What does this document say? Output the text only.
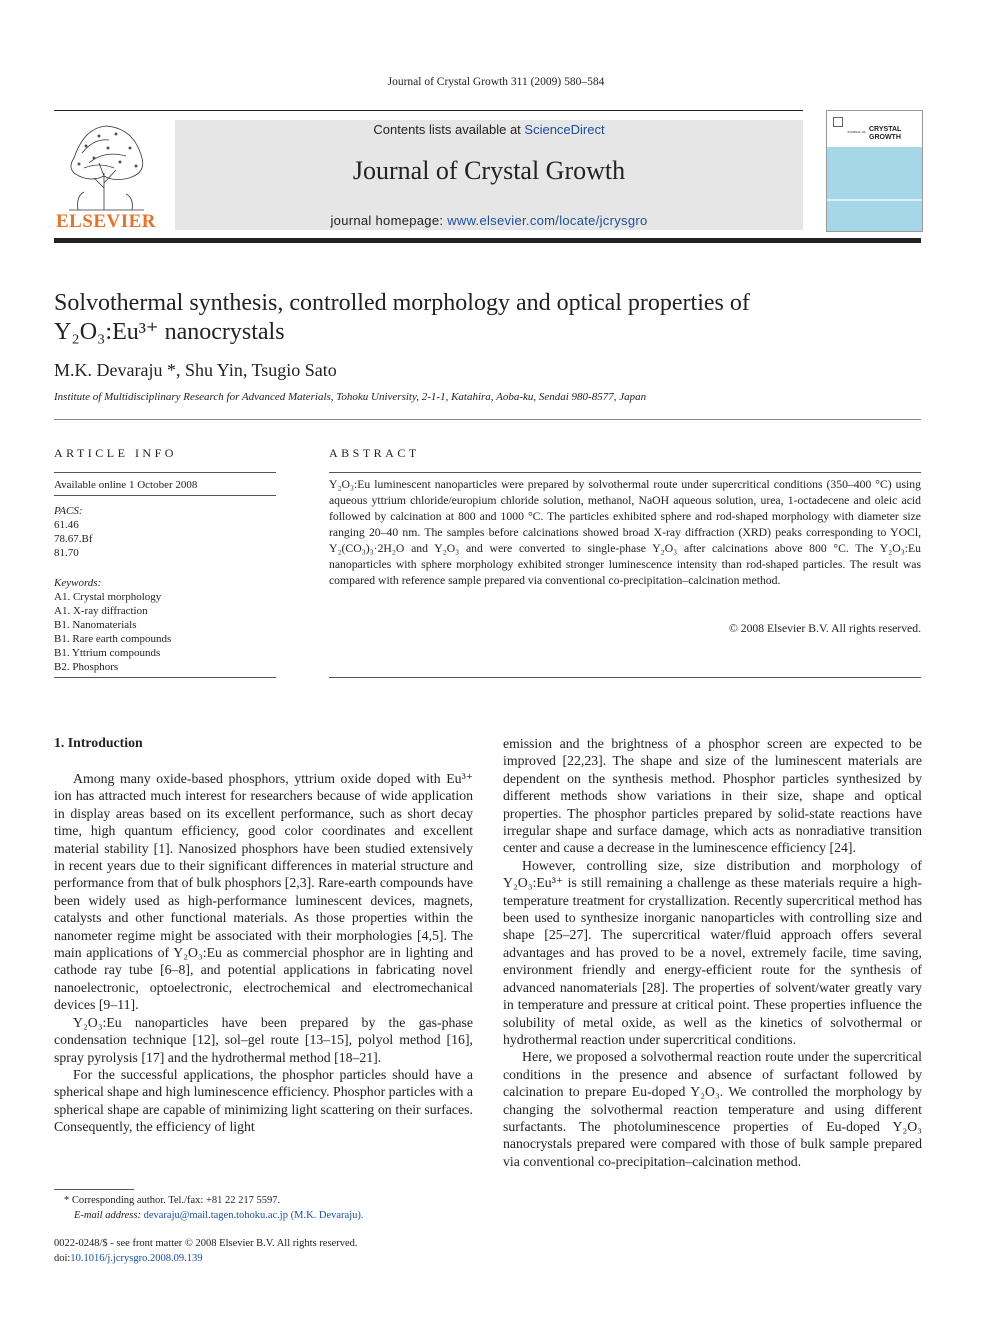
Journal of Crystal Growth 311 (2009) 580–584
ELSEVIER
Contents lists available at ScienceDirect
Journal of Crystal Growth
journal homepage: www.elsevier.com/locate/jcrysgro
JOURNAL OF CRYSTAL
GROWTH
Solvothermal synthesis, controlled morphology and optical properties of
Y₂O₃:Eu³⁺ nanocrystals
M.K. Devaraju *, Shu Yin, Tsugio Sato
Institute of Multidisciplinary Research for Advanced Materials, Tohoku University, 2-1-1, Katahira, Aoba-ku, Sendai 980-8577, Japan
ARTICLE INFO
Available online 1 October 2008
PACS:
61.46
78.67.Bf
81.70
Keywords:
A1. Crystal morphology
A1. X-ray diffraction
B1. Nanomaterials
B1. Rare earth compounds
B1. Yttrium compounds
B2. Phosphors
ABSTRACT
Y₂O₃:Eu luminescent nanoparticles were prepared by solvothermal route under supercritical conditions (350–400 °C) using aqueous yttrium chloride/europium chloride solution, methanol, NaOH aqueous solution, urea, 1-octadecene and oleic acid followed by calcination at 800 and 1000 °C. The particles exhibited sphere and rod-shaped morphology with diameter size ranging 20–40 nm. The samples before calcinations showed broad X-ray diffraction (XRD) peaks corresponding to YOCl, Y₂(CO₃)₃·2H₂O and Y₂O₃ and were converted to single-phase Y₂O₃ after calcinations above 800 °C. The Y₂O₃:Eu nanoparticles with sphere morphology exhibited stronger luminescence intensity than rod-shaped particles. The result was compared with reference sample prepared via conventional co-precipitation–calcination method.
© 2008 Elsevier B.V. All rights reserved.
1. Introduction

Among many oxide-based phosphors, yttrium oxide doped with Eu³⁺ ion has attracted much interest for researchers because of wide application in display areas based on its excellent performance, such as short decay time, high quantum efficiency, good color coordinates and excellent material stability [1]. Nanosized phosphors have been studied extensively in recent years due to their significant differences in material structure and performance from that of bulk phosphors [2,3]. Rare-earth compounds have been widely used as high-performance luminescent devices, magnets, catalysts and other functional materials. As those properties within the nanometer regime might be associated with their morphologies [4,5]. The main applications of Y₂O₃:Eu as commercial phosphor are in lighting and cathode ray tube [6–8], and potential applications in fabricating novel nanoelectronic, optoelectronic, electrochemical and electromechanical devices [9–11].

Y₂O₃:Eu nanoparticles have been prepared by the gas-phase condensation technique [12], sol–gel route [13–15], polyol method [16], spray pyrolysis [17] and the hydrothermal method [18–21].

For the successful applications, the phosphor particles should have a spherical shape and high luminescence efficiency. Phosphor particles with a spherical shape are capable of minimizing light scattering on their surfaces. Consequently, the efficiency of light

emission and the brightness of a phosphor screen are expected to be improved [22,23]. The shape and size of the luminescent materials are dependent on the synthesis method. Phosphor particles synthesized by different methods show variations in their size, shape and optical properties. The phosphor particles prepared by solid-state reactions have irregular shape and surface damage, which acts as nonradiative transition center and cause a decrease in the luminescence efficiency [24].

However, controlling size, size distribution and morphology of Y₂O₃:Eu³⁺ is still remaining a challenge as these materials require a high-temperature treatment for crystallization. Recently supercritical method has been used to synthesize inorganic nanoparticles with controlling size and shape [25–27]. The supercritical water/fluid approach offers several advantages and has proved to be a novel, extremely facile, time saving, environment friendly and energy-efficient route for the synthesis of advanced nanomaterials [28]. The properties of solvent/water greatly vary in temperature and pressure at critical point. These properties influence the solubility of metal oxide, as well as the kinetics of solvothermal or hydrothermal reaction under supercritical conditions.

Here, we proposed a solvothermal reaction route under the supercritical conditions in the presence and absence of surfactant followed by calcination to prepare Eu-doped Y₂O₃. We controlled the morphology by changing the solvothermal reaction temperature and using different surfactants. The photoluminescence properties of Eu-doped Y₂O₃ nanocrystals prepared were compared with those of bulk sample prepared via conventional co-precipitation–calcination method.

* Corresponding author. Tel./fax: +81 22 217 5597.
E-mail address: devaraju@mail.tagen.tohoku.ac.jp (M.K. Devaraju).
0022-0248/$ - see front matter © 2008 Elsevier B.V. All rights reserved.
doi:10.1016/j.jcrysgro.2008.09.139
